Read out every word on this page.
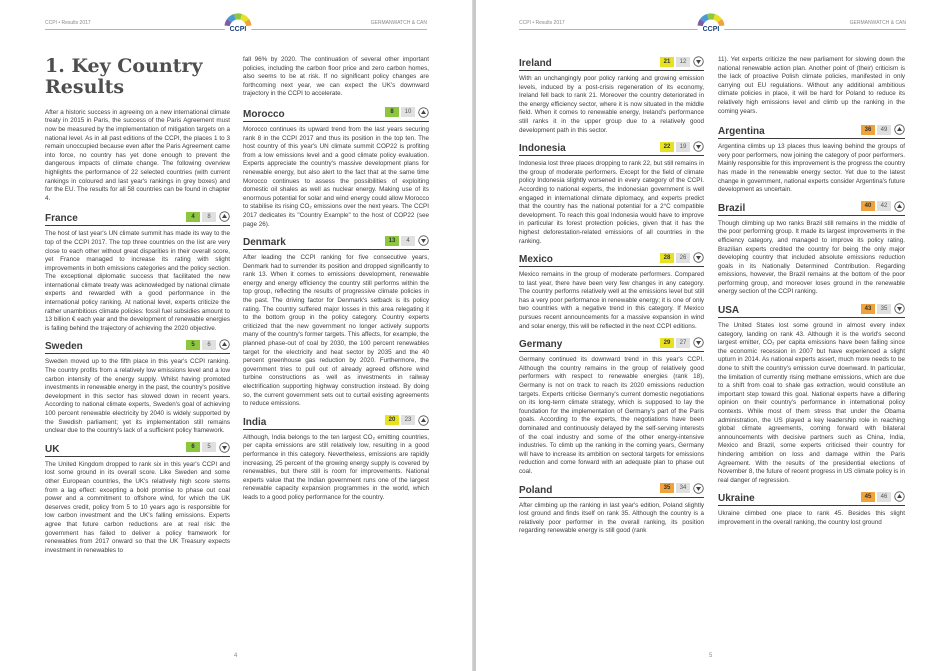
CCPI • Results 2017	GERMANWATCH & CAN
CCPI
1. Key Country Results

After a historic success in agreeing on a new international climate treaty in 2015 in Paris, the success of the Paris Agreement must now be measured by the implementation of mitigation targets on a national level. As in all past editions of the CCPI, the places 1 to 3 remain unoccupied because even after the Paris Agreement came into force, no country has yet done enough to prevent the dangerous impacts of climate change. The following overview highlights the performance of 22 selected countries (with current rankings in coloured and last year's rankings in grey boxes) and for the EU. The results for all 58 countries can be found in chapter 4.

France	4	8

The host of last year's UN climate summit has made its way to the top of the CCPI 2017. The top three countries on the list are very close to each other without great disparities in their overall score, yet France managed to increase its rating with slight improvements in both emissions categories and the policy section. The exceptional diplomatic success that facilitated the new international climate treaty was acknowledged by national climate experts and rewarded with a good performance in the international policy ranking. At national level, experts criticize the rather unambitious climate policies: fossil fuel subsidies amount to 13 billion € each year and the development of renewable energies is falling behind the trajectory of achieving the 2020 objective.

Sweden	5	6

Sweden moved up to the fifth place in this year's CCPI ranking. The country profits from a relatively low emissions level and a low carbon intensity of the energy supply. Whilst having promoted investments in renewable energy in the past, the country's positive development in this sector has slowed down in recent years. According to national climate experts, Sweden's goal of achieving 100 percent renewable electricity by 2040 is widely supported by the Swedish parliament; yet its implementation still remains unclear due to the country's lack of a sufficient policy framework.

UK	6	5

The United Kingdom dropped to rank six in this year's CCPI and lost some ground in its overall score. Like Sweden and some other European countries, the UK's relatively high score stems from a lag effect: excepting a bold promise to phase out coal power and a commitment to offshore wind, for which the UK deserves credit, policy from 5 to 10 years ago is responsible for low carbon investment and the UK's falling emissions. Experts agree that future carbon reductions are at real risk: the government has failed to deliver a policy framework for renewables from 2017 onward so that the UK Treasury expects investment in renewables to

fall 96% by 2020. The continuation of several other important policies, including the carbon floor price and zero carbon homes, also seems to be at risk. If no significant policy changes are forthcoming next year, we can expect the UK's downward trajectory in the CCPI to accelerate.

Morocco	8	10

Morocco continues its upward trend from the last years securing rank 8 in the CCPI 2017 and thus its position in the top ten. The host country of this year's UN climate summit COP22 is profiting from a low emissions level and a good climate policy evaluation. Experts appreciate the country's massive development plans for renewable energy, but also alert to the fact that at the same time Morocco continues to assess the possibilities of exploiting domestic oil shales as well as nuclear energy. Making use of its enormous potential for solar and wind energy could allow Morocco to stabilise its rising CO₂ emissions over the next years. The CCPI 2017 dedicates its "Country Example" to the host of COP22 (see page 26).

Denmark	13	4

After leading the CCPI ranking for five consecutive years, Denmark had to surrender its position and dropped significantly to rank 13. When it comes to emissions development, renewable energy and energy efficiency the country still performs within the top group, reflecting the results of progressive climate policies in the past. The driving factor for Denmark's setback is its policy rating. The country suffered major losses in this area relegating it to the bottom group in the policy category. Country experts criticized that the new government no longer actively supports many of the country's former targets. This affects, for example, the planned phase-out of coal by 2030, the 100 percent renewables target for the electricity and heat sector by 2035 and the 40 percent greenhouse gas reduction by 2020. Furthermore, the government tries to pull out of already agreed offshore wind turbine constructions as well as investments in railway electrification supporting highway construction instead. By doing so, the current government sets out to curtail existing agreements to reduce emissions.

India	20	23

Although, India belongs to the ten largest CO₂ emitting countries, per capita emissions are still relatively low, resulting in a good performance in this category. Nevertheless, emissions are rapidly increasing, 25 percent of the growing energy supply is covered by renewables, but there still is room for improvements. National experts value that the Indian government runs one of the largest renewable capacity expansion programmes in the world, which leads to a good policy performance for the country.

4
CCPI • Results 2017	GERMANWATCH & CAN
CCPI
Ireland	21	12

With an unchangingly poor policy ranking and growing emission levels, induced by a post-crisis regeneration of its economy, Ireland fell back to rank 21. Moreover the country deteriorated in the energy efficiency sector, where it is now situated in the middle field. When it comes to renewable energy, Ireland's performance still ranks it in the upper group due to a relatively good development path in this sector.

Indonesia	22	19

Indonesia lost three places dropping to rank 22, but still remains in the group of moderate performers. Except for the field of climate policy Indonesia slightly worsened in every category of the CCPI. According to national experts, the Indonesian government is well engaged in international climate diplomacy, and experts predict that the country has the national potential for a 2°C compatible development. To reach this goal Indonesia would have to improve in particular its forest protection policies, given that it has the highest deforestation-related emissions of all countries in the ranking.

Mexico	28	26

Mexico remains in the group of moderate performers. Compared to last year, there have been very few changes in any category. The country performs relatively well at the emissions level but still has a very poor performance in renewable energy; it is one of only two countries with a negative trend in this category. If Mexico pursues recent announcements for a massive expansion in wind and solar energy, this will be reflected in the next CCPI editions.

Germany	29	27

Germany continued its downward trend in this year's CCPI. Although the country remains in the group of relatively good performers with respect to renewable energies (rank 18), Germany is not on track to reach its 2020 emissions reduction targets. Experts criticise Germany's current domestic negotiations on its long-term climate strategy, which is supposed to lay the foundation for the implementation of Germany's part of the Paris goals. According to the experts, the negotiations have been dominated and continuously delayed by the self-serving interests of the coal industry and some of the other energy-intensive industries. To climb up the ranking in the coming years, Germany will have to increase its ambition on sectoral targets for emissions reduction and come forward with an adequate plan to phase out coal.

Poland	35	34

After climbing up the ranking in last year's edition, Poland slightly lost ground and finds itself on rank 35. Although the country is a relatively poor performer in the overall ranking, its position regarding renewable energy is still good (rank

11). Yet experts criticize the new parliament for slowing down the national renewable action plan. Another point of (their) criticism is the lack of proactive Polish climate policies, manifested in only carrying out EU regulations. Without any additional ambitious climate policies in place, it will be hard for Poland to reduce its relatively high emissions level and climb up the ranking in the coming years.

Argentina	36	49

Argentina climbs up 13 places thus leaving behind the groups of very poor performers, now joining the category of poor performers. Mainly responsible for this improvement is the progress the country has made in the renewable energy sector. Yet due to the latest change in government, national experts consider Argentina's future development as uncertain.

Brazil	40	42

Though climbing up two ranks Brazil still remains in the middle of the poor performing group. It made its largest improvements in the efficiency category, and managed to improve its policy rating. Brazilian experts credited the country for being the only major developing country that included absolute emissions reduction goals in its Nationally Determined Contribution. Regarding emissions, however, the Brazil remains at the bottom of the poor performing group, and moreover loses ground in the renewable energy section of the CCPI ranking.

USA	43	35

The United States lost some ground in almost every index category, landing on rank 43. Although it is the world's second largest emitter, CO₂ per capita emissions have been falling since the economic recession in 2007 but have experienced a slight upturn in 2014. As national experts assert, much more needs to be done to shift the country's emission curve downward. In particular, the limitation of currently rising methane emissions, which are due to a shift from coal to shale gas extraction, would constitute an important step toward this goal. National experts have a differing opinion on their country's performance in international policy contexts. While most of them stress that under the Obama administration, the US played a key leadership role in reaching global climate agreements, coming forward with bilateral announcements with decisive partners such as China, India, Mexico and Brazil, some experts criticised their country for hindering ambition on loss and damage within the Paris Agreement. With the results of the presidential elections of November 8, the future of recent progress in US climate policy is in real danger of regression.

Ukraine	45	46

Ukraine climbed one place to rank 45. Besides this slight improvement in the overall ranking, the country lost ground

5
